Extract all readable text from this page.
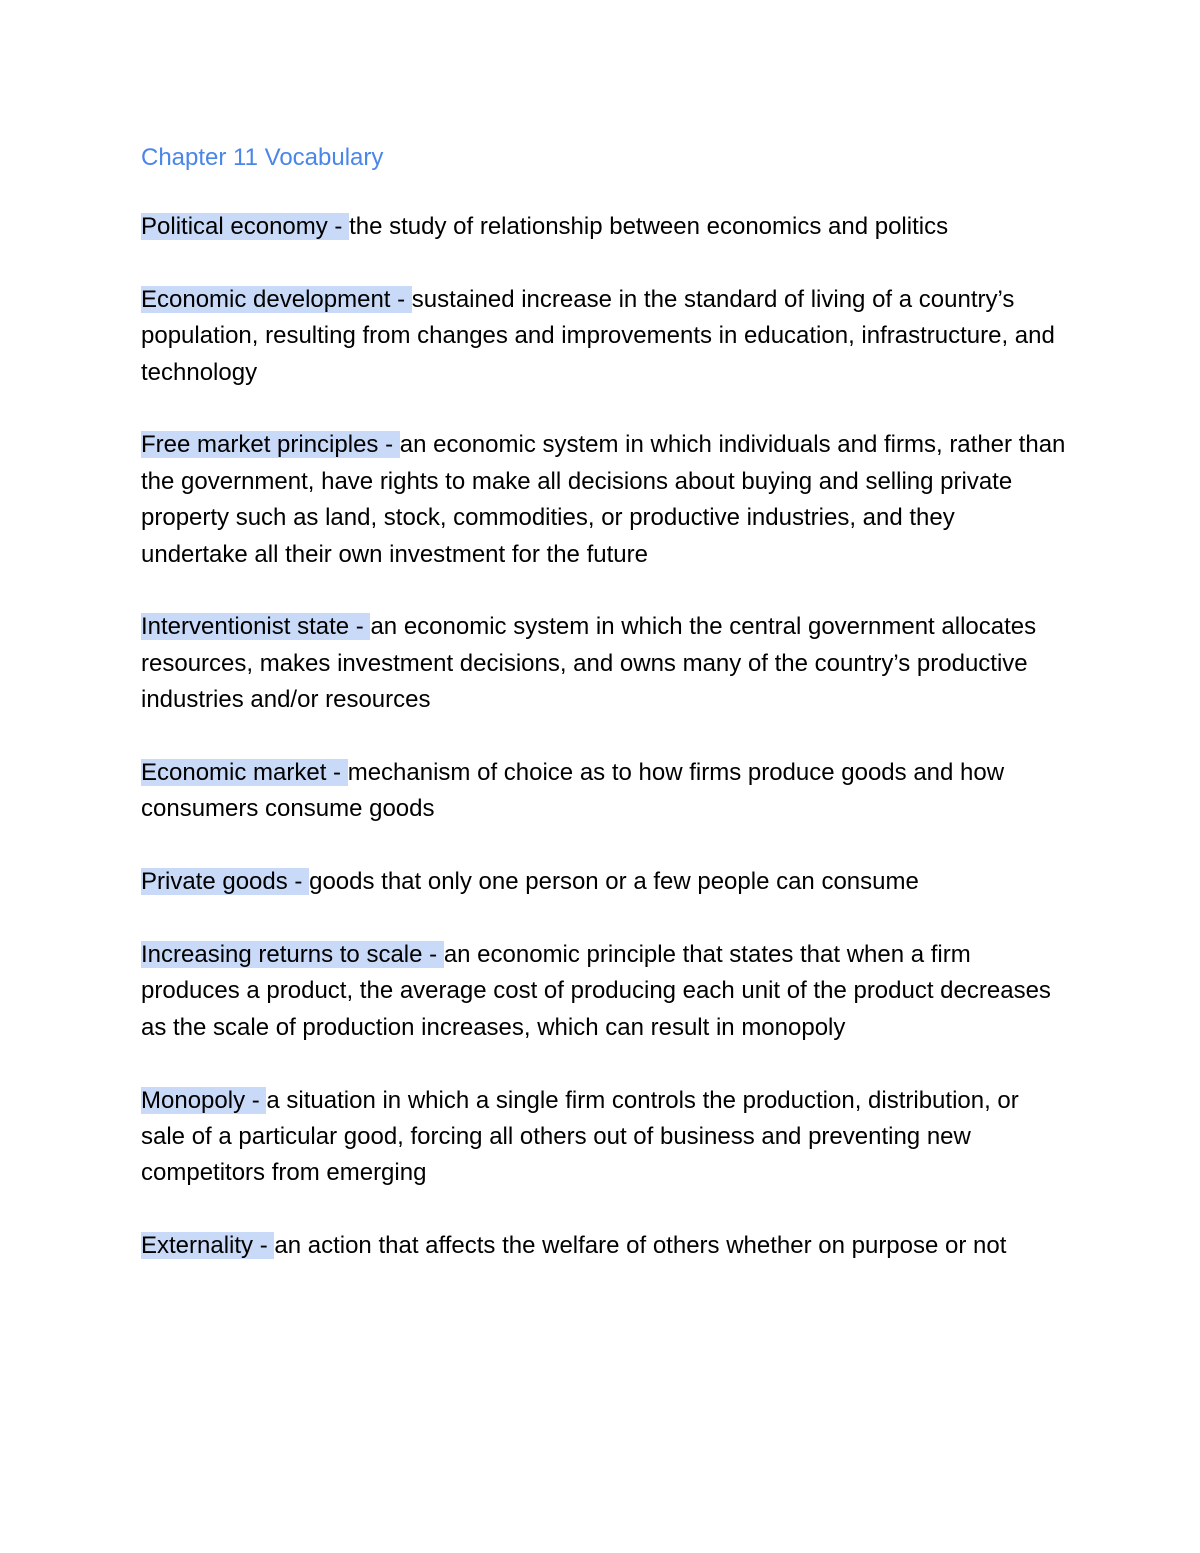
Chapter 11 Vocabulary

Political economy - the study of relationship between economics and politics

Economic development - sustained increase in the standard of living of a country’s population, resulting from changes and improvements in education, infrastructure, and technology

Free market principles - an economic system in which individuals and firms, rather than the government, have rights to make all decisions about buying and selling private property such as land, stock, commodities, or productive industries, and they undertake all their own investment for the future

Interventionist state - an economic system in which the central government allocates resources, makes investment decisions, and owns many of the country’s productive industries and/or resources

Economic market - mechanism of choice as to how firms produce goods and how consumers consume goods

Private goods - goods that only one person or a few people can consume

Increasing returns to scale - an economic principle that states that when a firm produces a product, the average cost of producing each unit of the product decreases as the scale of production increases, which can result in monopoly

Monopoly - a situation in which a single firm controls the production, distribution, or sale of a particular good, forcing all others out of business and preventing new competitors from emerging

Externality - an action that affects the welfare of others whether on purpose or not
